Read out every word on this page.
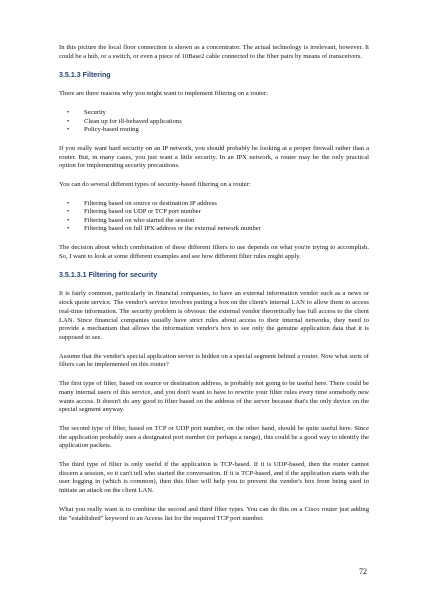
In this picture the local floor connection is shown as a concentrator. The actual technology is irrelevant, however. It could be a hub, or a switch, or even a piece of 10Base2 cable connected to the fiber pairs by means of transceivers.

3.5.1.3 Filtering

There are three reasons why you might want to implement filtering on a router:

• Security
• Clean up for ill-behaved applications
• Policy-based routing

If you really want hard security on an IP network, you should probably be looking at a proper firewall rather than a router. But, in many cases, you just want a little security. In an IPX network, a router may be the only practical option for implementing security precautions.

You can do several different types of security-based filtering on a router:

• Filtering based on source or destination IP address
• Filtering based on UDP or TCP port number
• Filtering based on who started the session
• Filtering based on full IPX address or the external network number

The decision about which combination of these different filters to use depends on what you're trying to accomplish. So, I want to look at some different examples and see how different filter rules might apply.

3.5.1.3.1 Filtering for security

It is fairly common, particularly in financial companies, to have an external information vendor such as a news or stock quote service. The vendor's service involves putting a box on the client's internal LAN to allow them to access real-time information. The security problem is obvious: the external vendor theoretically has full access to the client LAN. Since financial companies usually have strict rules about access to their internal networks, they need to provide a mechanism that allows the information vendor's box to see only the genuine application data that it is supposed to see.

Assume that the vendor's special application server is hidden on a special segment behind a router. Now what sorts of filters can be implemented on this router?

The first type of filter, based on source or destination address, is probably not going to be useful here. There could be many internal users of this service, and you don't want to have to rewrite your filter rules every time somebody new wants access. It doesn't do any good to filter based on the address of the server because that's the only device on the special segment anyway.

The second type of filter, based on TCP or UDP port number, on the other hand, should be quite useful here. Since the application probably uses a designated port number (or perhaps a range), this could be a good way to identify the application packets.

The third type of filter is only useful if the application is TCP-based. If it is UDP-based, then the router cannot discern a session, so it can't tell who started the conversation. If it is TCP-based, and if the application starts with the user logging in (which is common), then this filter will help you to prevent the vendor's box from being used to initiate an attack on the client LAN.

What you really want is to combine the second and third filter types. You can do this on a Cisco router just adding the "established" keyword to an Access list for the required TCP port number.

72
